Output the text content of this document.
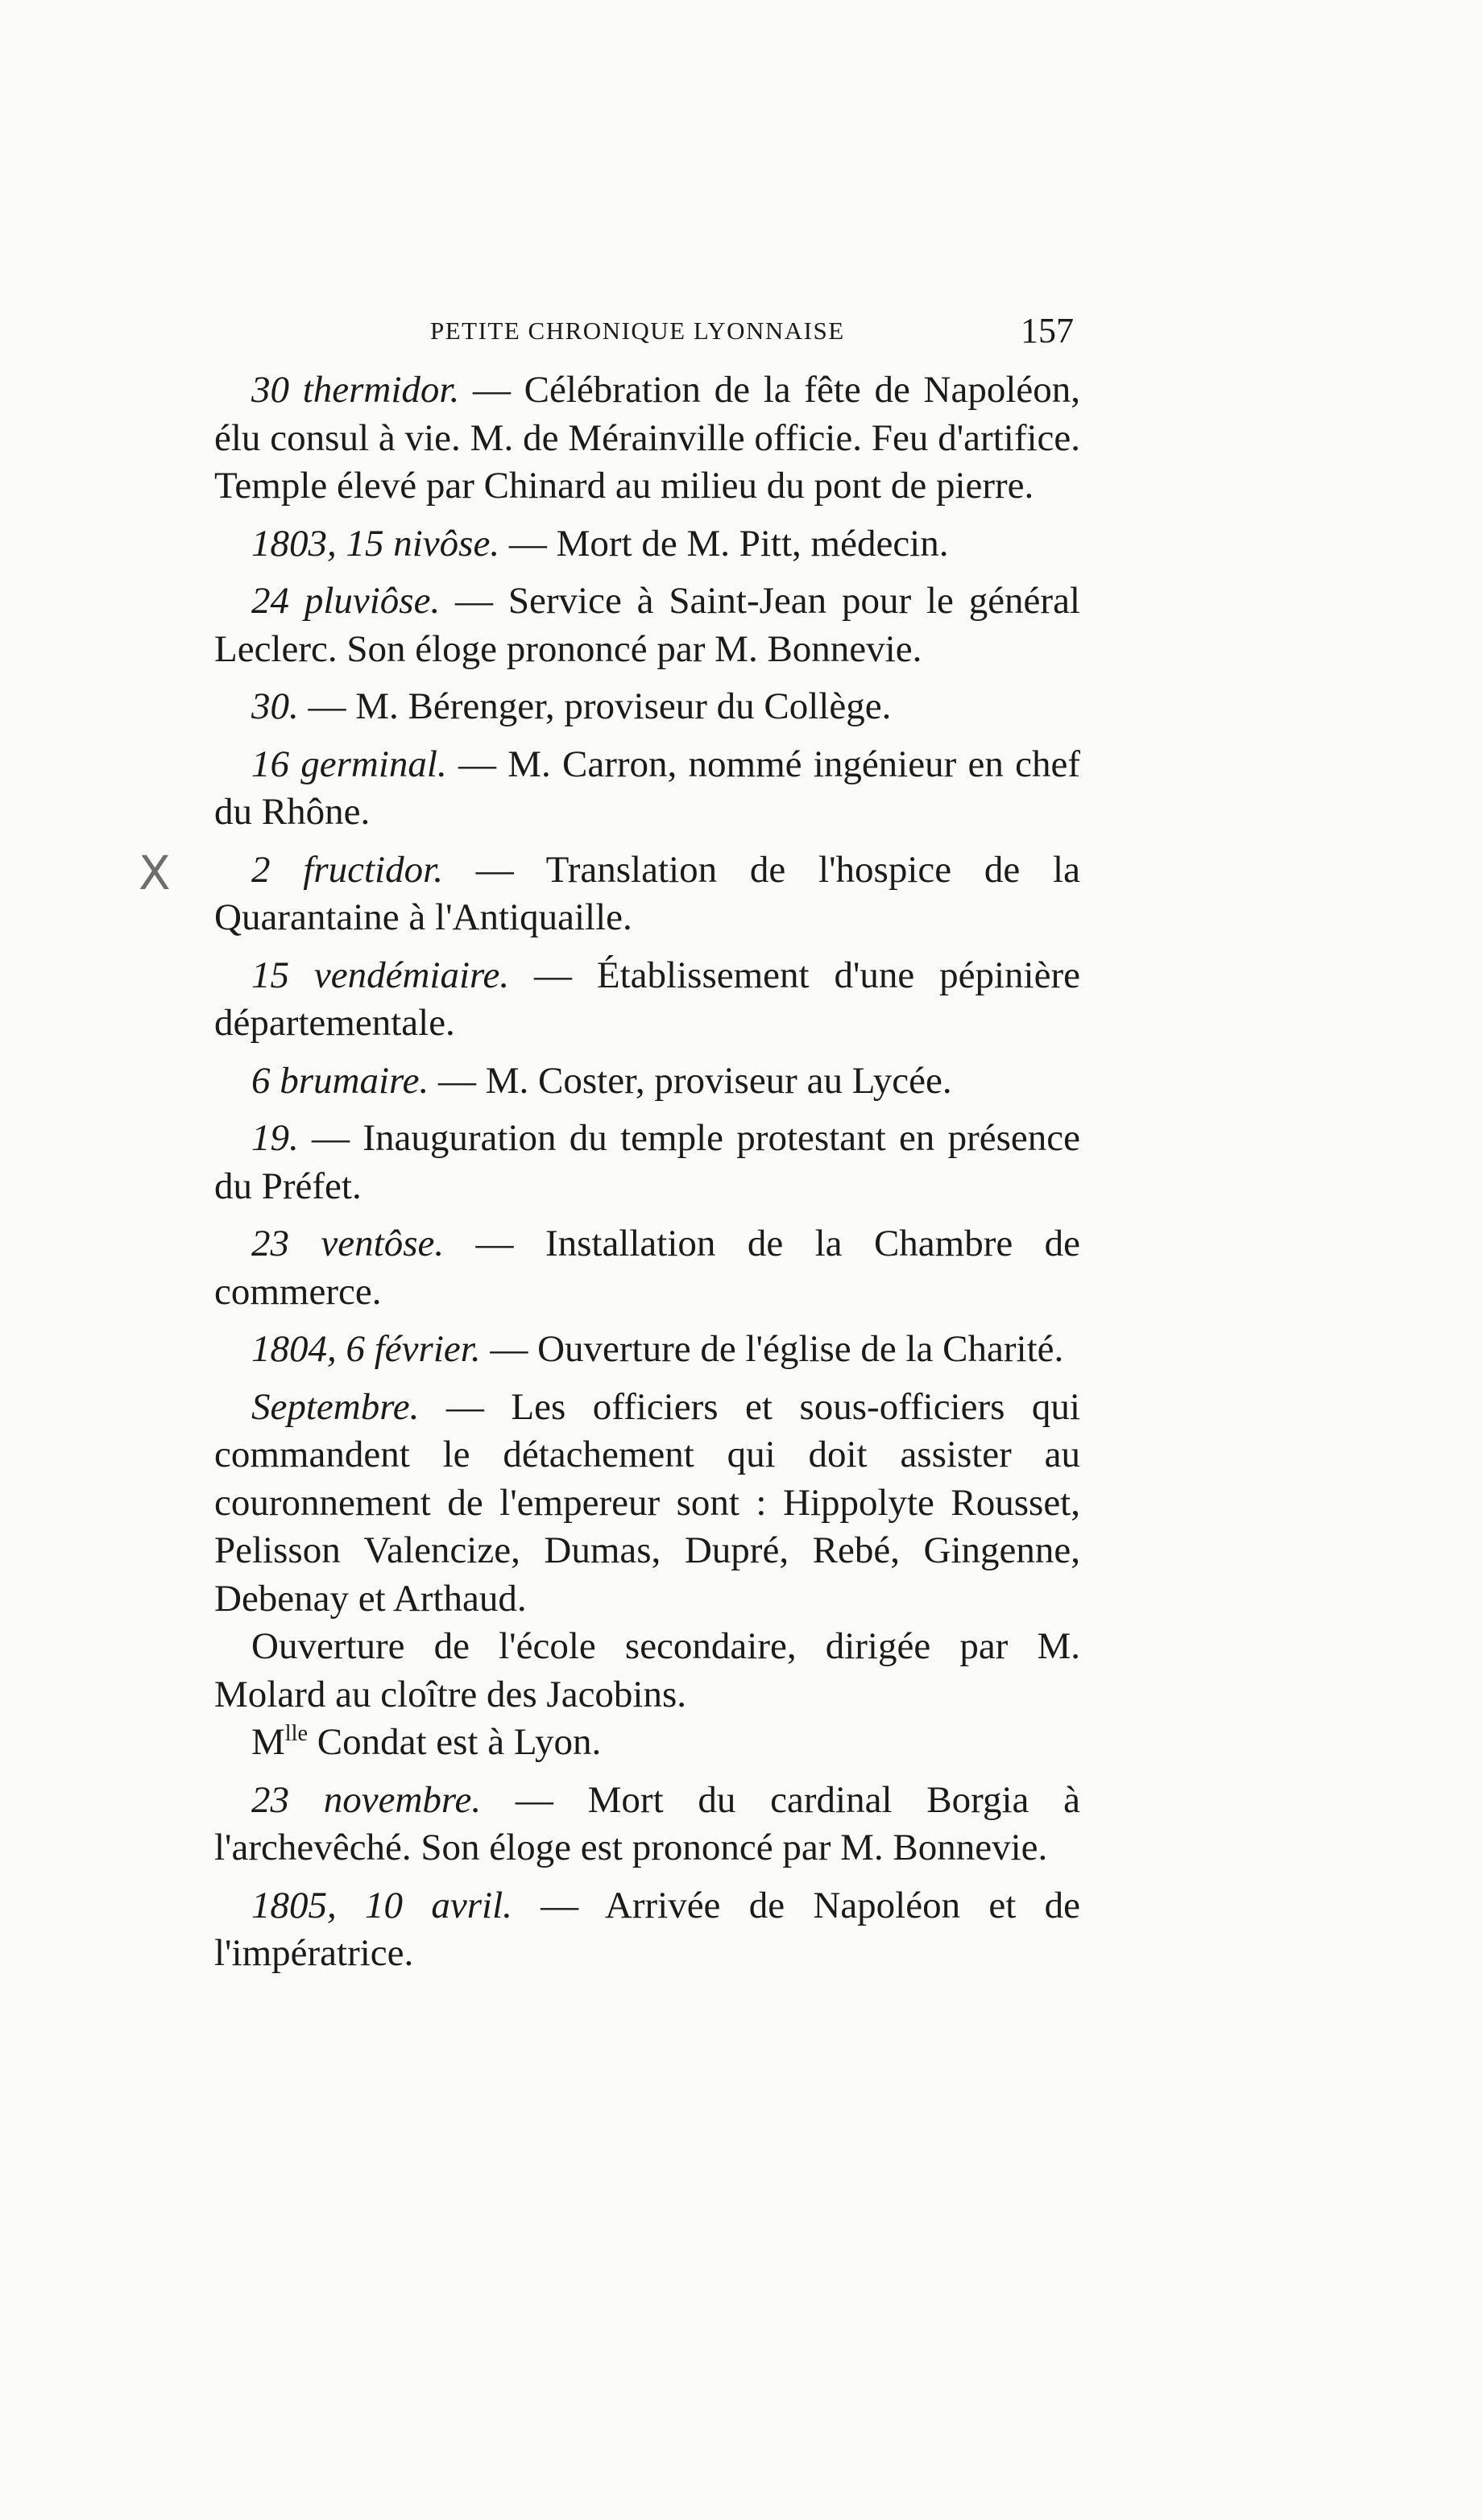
PETITE CHRONIQUE LYONNAISE	157
X

30 thermidor. — Célébration de la fête de Napoléon, élu consul à vie. M. de Mérainville officie. Feu d'artifice. Temple élevé par Chinard au milieu du pont de pierre.

1803, 15 nivôse. — Mort de M. Pitt, médecin.

24 pluviôse. — Service à Saint-Jean pour le général Leclerc. Son éloge prononcé par M. Bonnevie.

30. — M. Bérenger, proviseur du Collège.

16 germinal. — M. Carron, nommé ingénieur en chef du Rhône.

2 fructidor. — Translation de l'hospice de la Quarantaine à l'Antiquaille.

15 vendémiaire. — Établissement d'une pépinière départementale.

6 brumaire. — M. Coster, proviseur au Lycée.

19. — Inauguration du temple protestant en présence du Préfet.

23 ventôse. — Installation de la Chambre de commerce.

1804, 6 février. — Ouverture de l'église de la Charité.

Septembre. — Les officiers et sous-officiers qui commandent le détachement qui doit assister au couronnement de l'empereur sont : Hippolyte Rousset, Pelisson Valencize, Dumas, Dupré, Rebé, Gingenne, Debenay et Arthaud.

Ouverture de l'école secondaire, dirigée par M. Molard au cloître des Jacobins.

$M^{lle}$ Condat est à Lyon.

23 novembre. — Mort du cardinal Borgia à l'archevêché. Son éloge est prononcé par M. Bonnevie.

1805, 10 avril. — Arrivée de Napoléon et de l'impératrice.
